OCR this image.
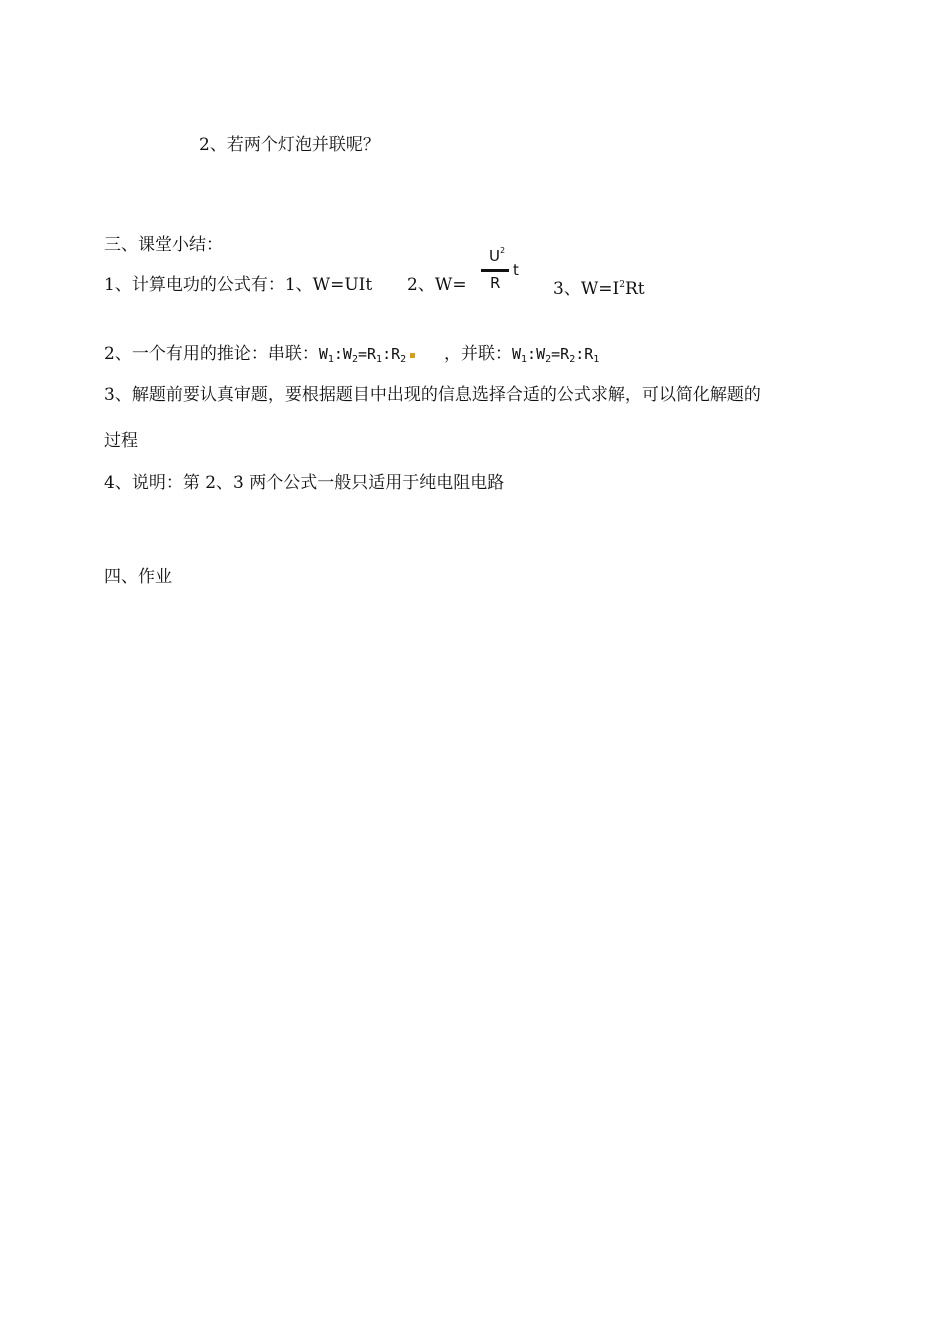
2、若两个灯泡并联呢？
三、课堂小结：
1、计算电功的公式有：1、W=UIt 2、W=
$U^2$
R
t
3、$W=I^2Rt$
2、一个有用的推论：串联：$W_1:W_2=R_1:R_2$ ，并联：$W_1:W_2=R_2:R_1$
3、解题前要认真审题，要根据题目中出现的信息选择合适的公式求解，可以简化解题的
过程
4、说明：第 2、3 两个公式一般只适用于纯电阻电路
四、作业
